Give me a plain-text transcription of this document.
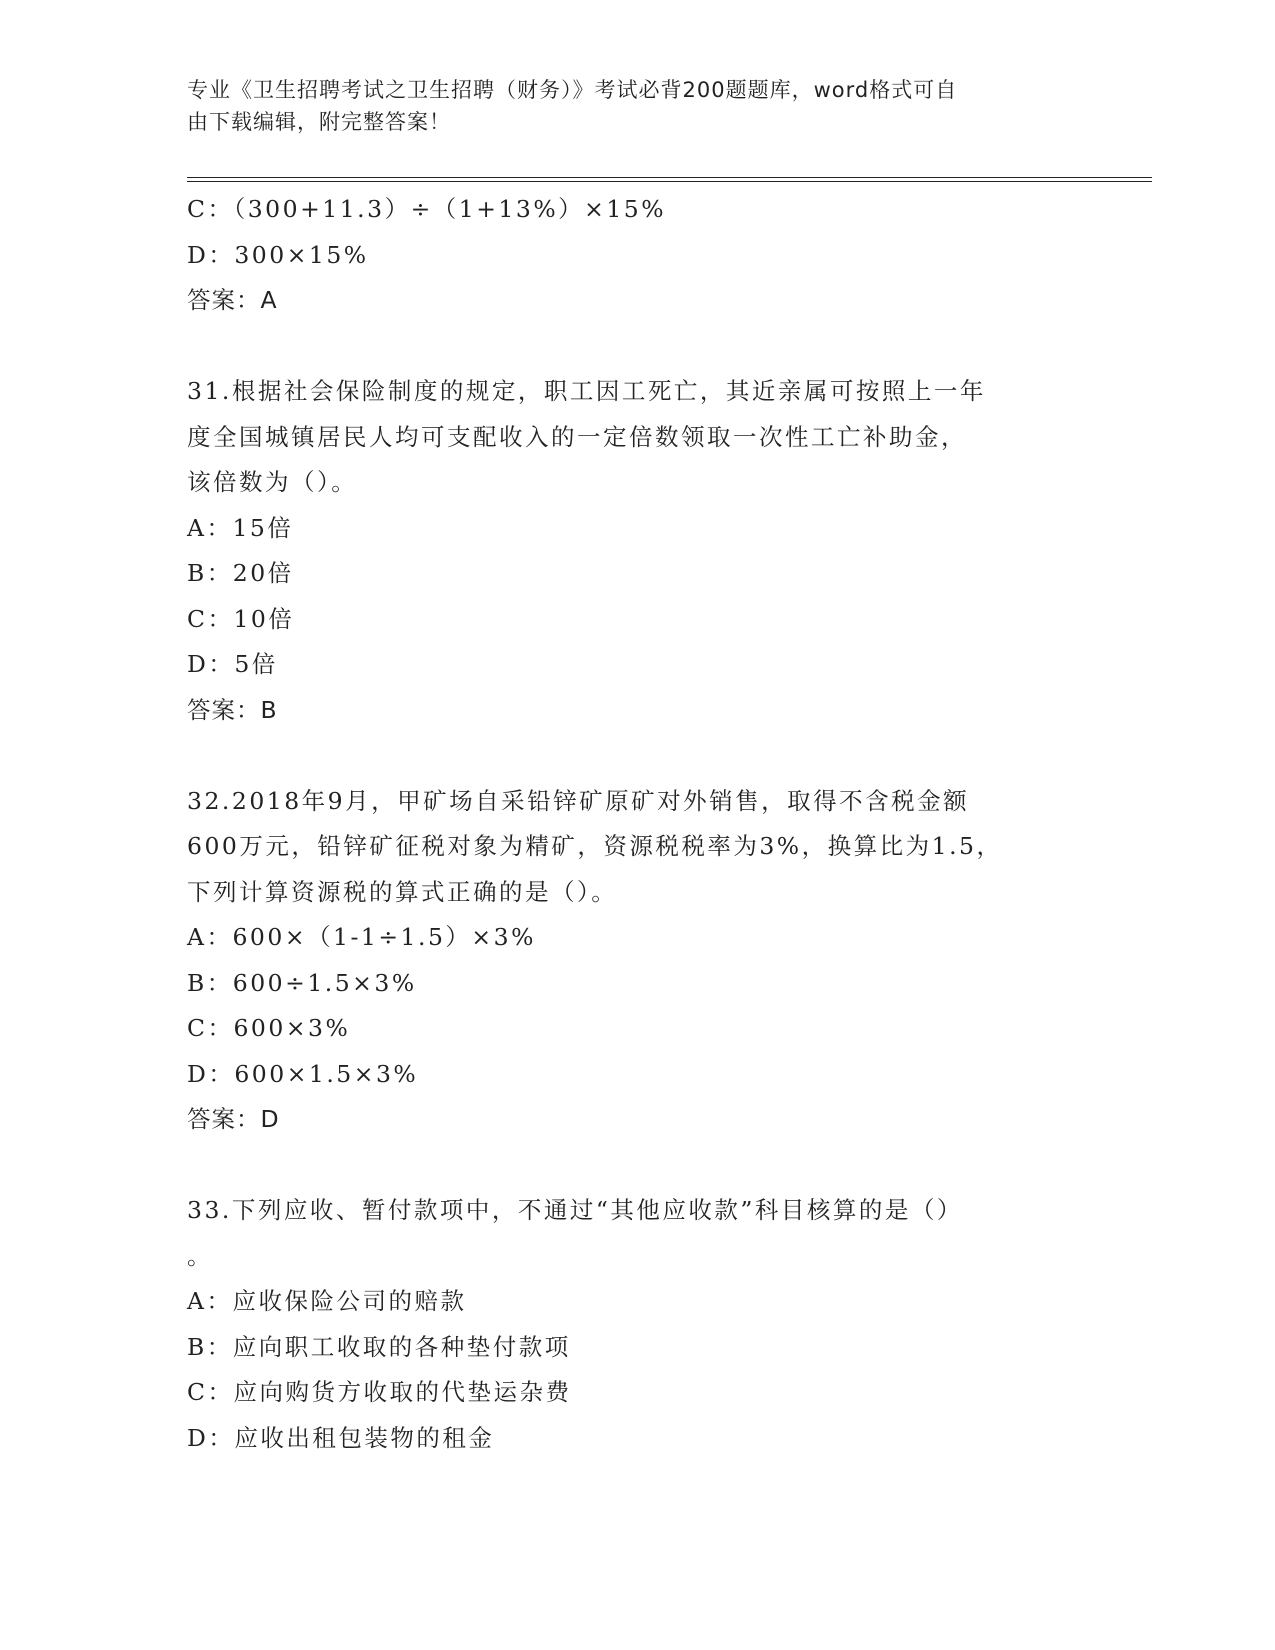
专业《卫生招聘考试之卫生招聘（财务）》考试必背200题题库，word格式可自
由下载编辑，附完整答案！
C：（300+11.3）÷（1+13%）×15%
D：300×15%
答案：A
31.根据社会保险制度的规定，职工因工死亡，其近亲属可按照上一年
度全国城镇居民人均可支配收入的一定倍数领取一次性工亡补助金，
该倍数为（）。
A：15倍
B：20倍
C：10倍
D：5倍
答案：B
32.2018年9月，甲矿场自采铅锌矿原矿对外销售，取得不含税金额
600万元，铅锌矿征税对象为精矿，资源税税率为3%，换算比为1.5，
下列计算资源税的算式正确的是（）。
A：600×（1-1÷1.5）×3%
B：600÷1.5×3%
C：600×3%
D：600×1.5×3%
答案：D
33.下列应收、暂付款项中，不通过“其他应收款”科目核算的是（）
。
A：应收保险公司的赔款
B：应向职工收取的各种垫付款项
C：应向购货方收取的代垫运杂费
D：应收出租包装物的租金
